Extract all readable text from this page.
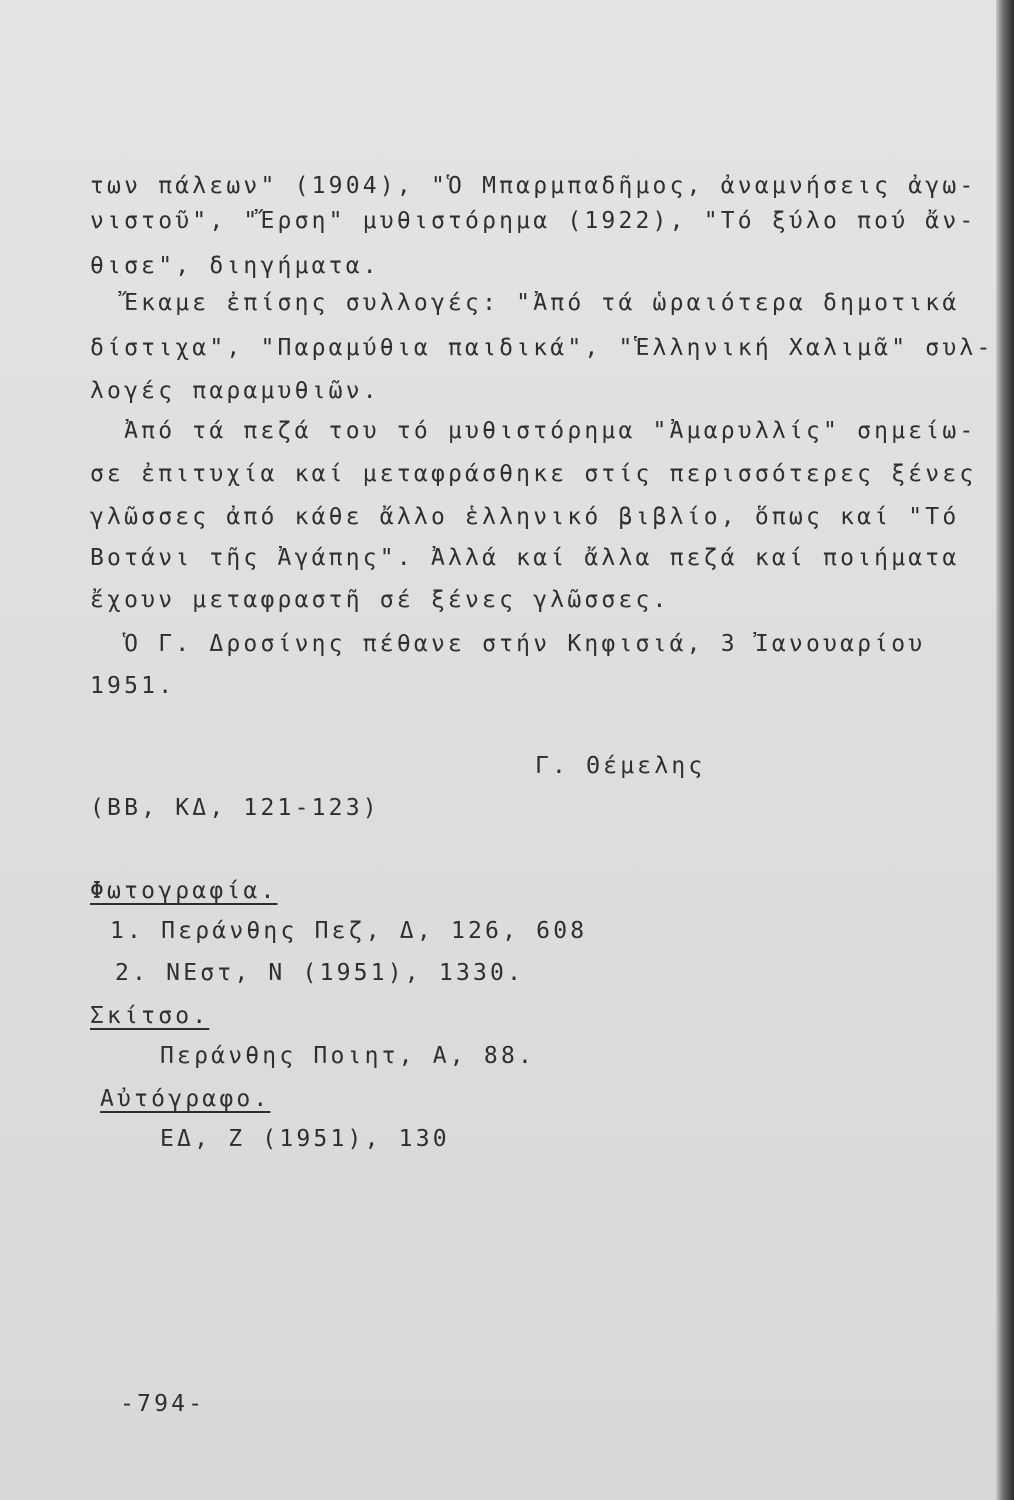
των πάλεων" (1904), "Ὁ Μπαρμπαδῆμος, ἀναμνήσεις ἀγω-
νιστοῦ", "Ἔρση" μυθιστόρημα (1922), "Τό ξύλο πού ἄν-
θισε", διηγήματα.
Ἔκαμε ἐπίσης συλλογές: "Ἀπό τά ὡραιότερα δημοτικά
δίστιχα", "Παραμύθια παιδικά", "Ἑλληνική Χαλιμᾶ" συλ-
λογές παραμυθιῶν.
Ἀπό τά πεζά του τό μυθιστόρημα "Ἀμαρυλλίς" σημείω-
σε ἐπιτυχία καί μεταφράσθηκε στίς περισσότερες ξένες
γλῶσσες ἀπό κάθε ἄλλο ἑλληνικό βιβλίο, ὅπως καί "Τό
Βοτάνι τῆς Ἀγάπης". Ἀλλά καί ἄλλα πεζά καί ποιήματα
ἔχουν μεταφραστῆ σέ ξένες γλῶσσες.
Ὁ Γ. Δροσίνης πέθανε στήν Κηφισιά, 3 Ἰανουαρίου
1951.
Γ. Θέμελης
(ΒΒ, ΚΔ, 121-123)
Φωτογραφία.
1. Περάνθης Πεζ, Δ, 126, 608
2. ΝΕστ, Ν (1951), 1330.
Σκίτσο.
Περάνθης Ποιητ, Α, 88.
Αὐτόγραφο.
ΕΔ, Ζ (1951), 130
-794-
